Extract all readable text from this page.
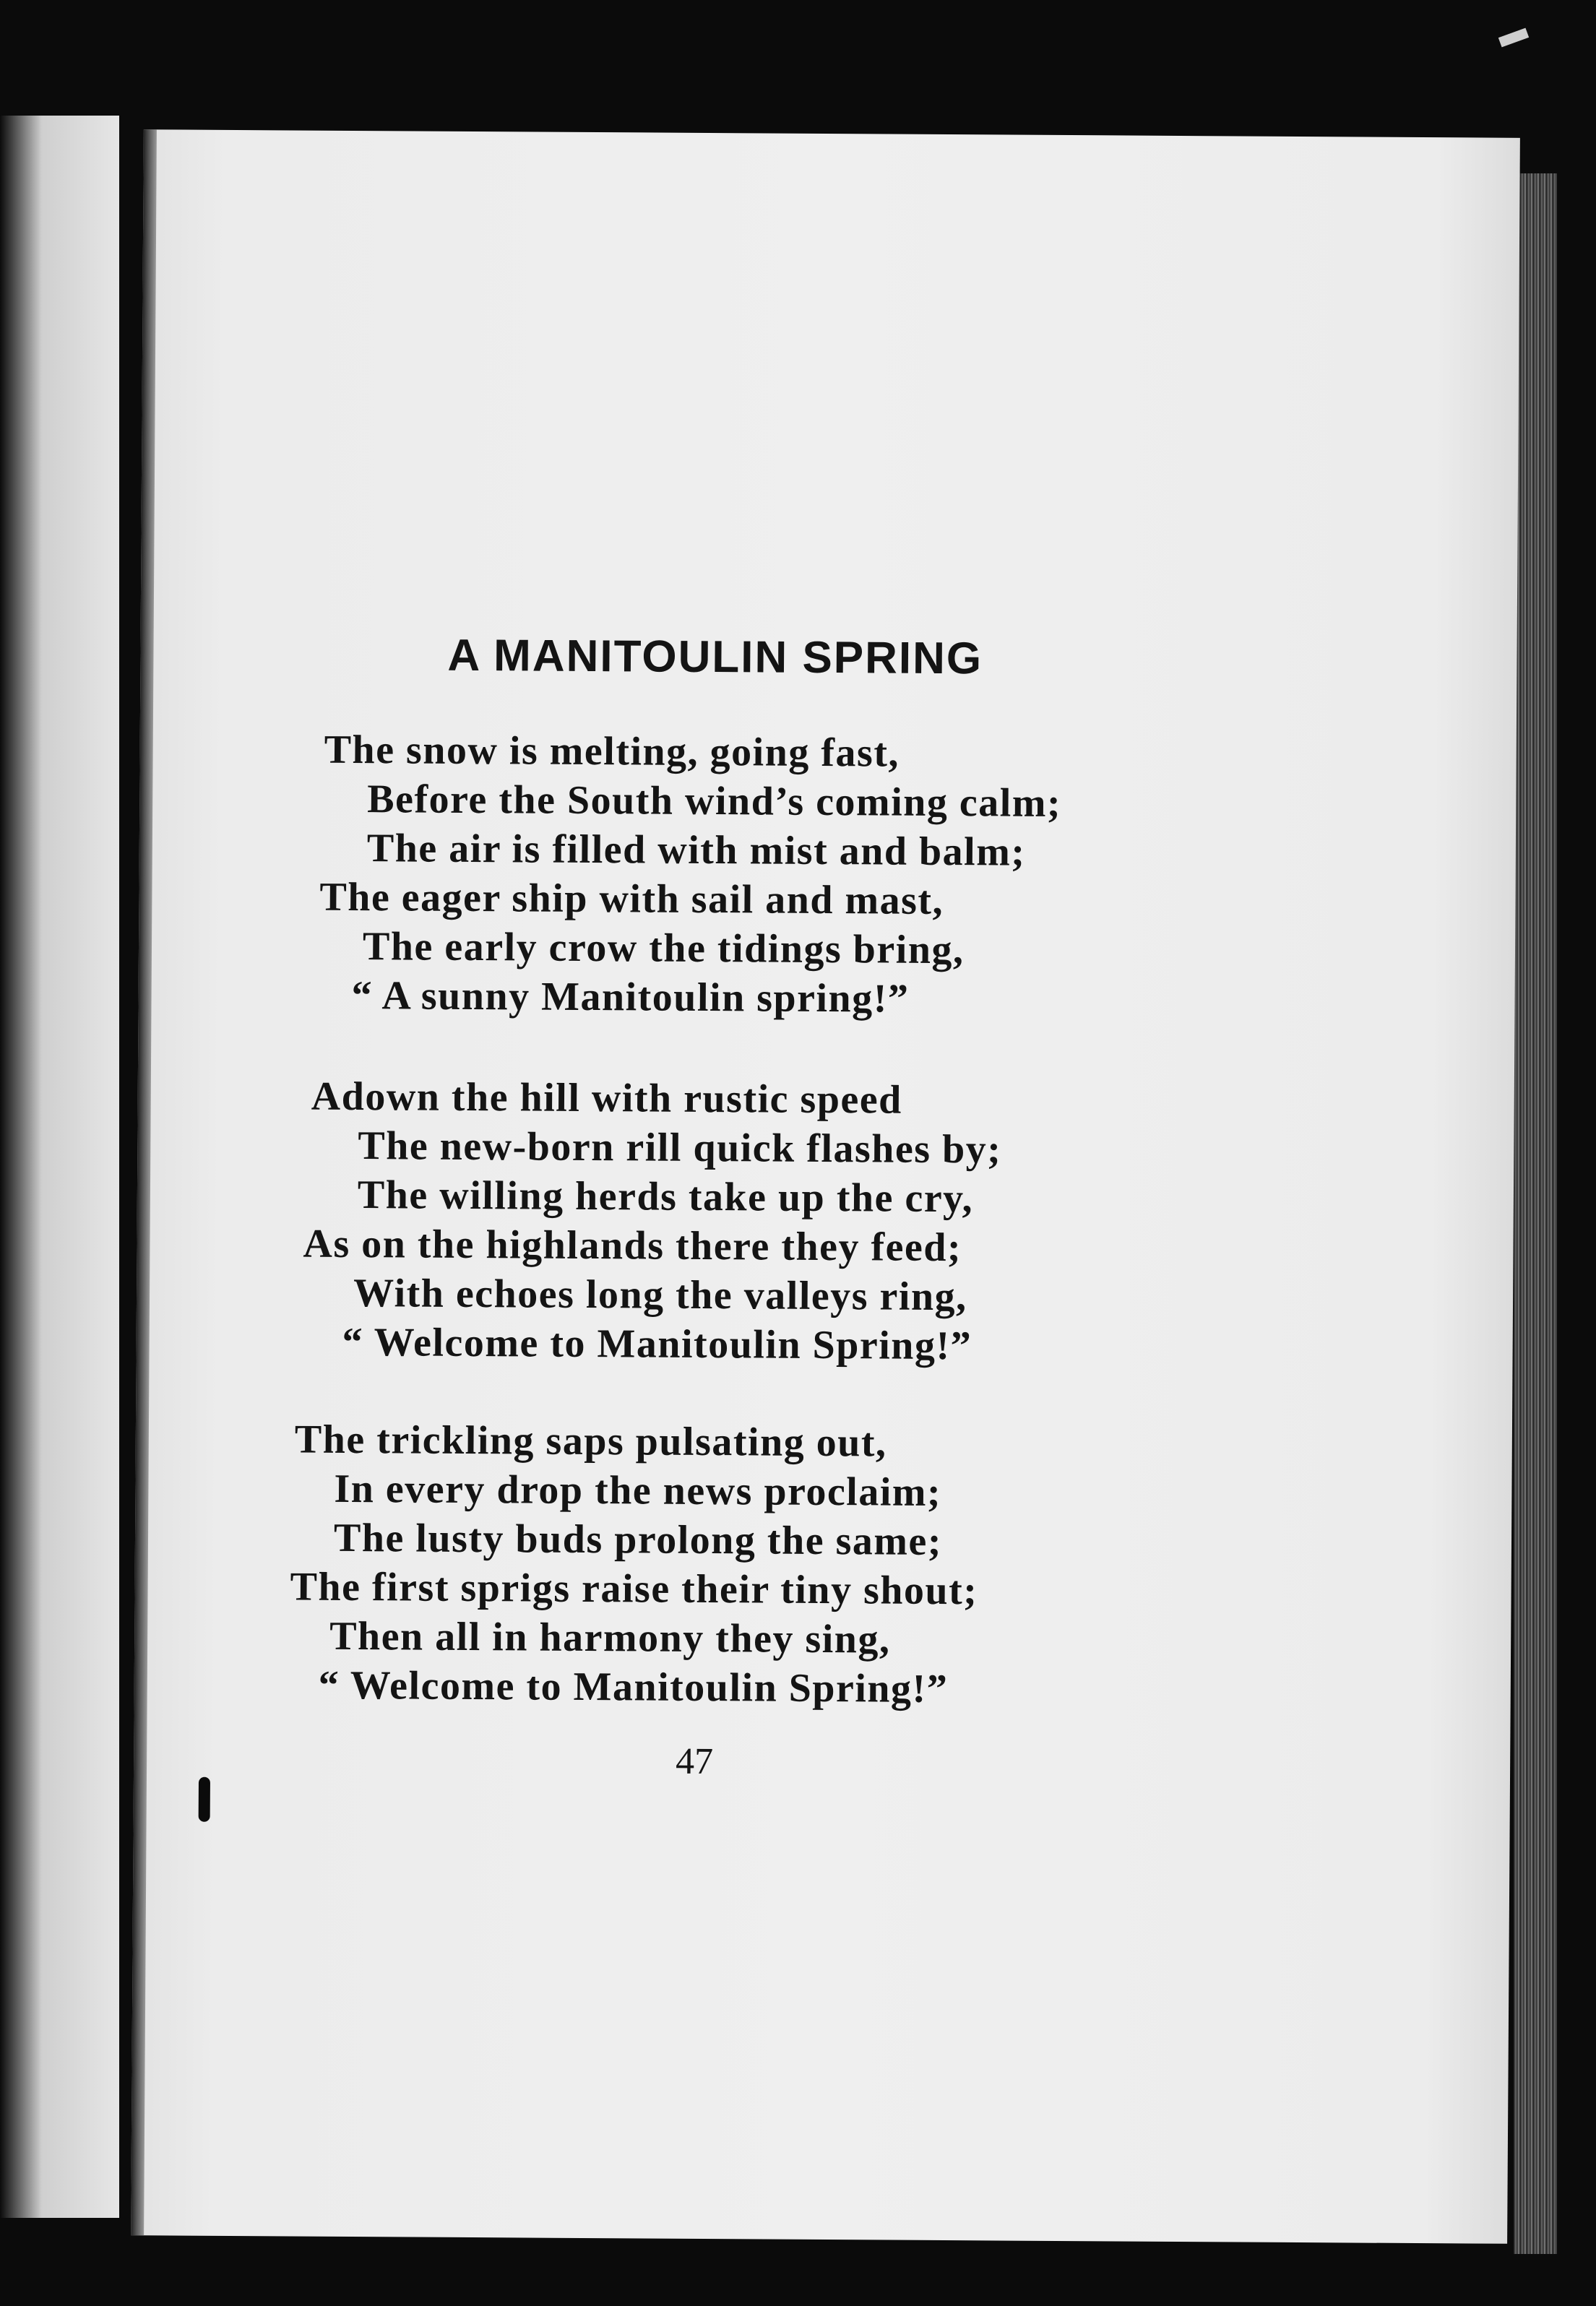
A MANITOULIN SPRING
The snow is melting, going fast,
Before the South wind’s coming calm;
The air is filled with mist and balm;
The eager ship with sail and mast,
The early crow the tidings bring,
“ A sunny Manitoulin spring!”
Adown the hill with rustic speed
The new-born rill quick flashes by;
The willing herds take up the cry,
As on the highlands there they feed;
With echoes long the valleys ring,
“ Welcome to Manitoulin Spring!”
The trickling saps pulsating out,
In every drop the news proclaim;
The lusty buds prolong the same;
The first sprigs raise their tiny shout;
Then all in harmony they sing,
“ Welcome to Manitoulin Spring!”
47
